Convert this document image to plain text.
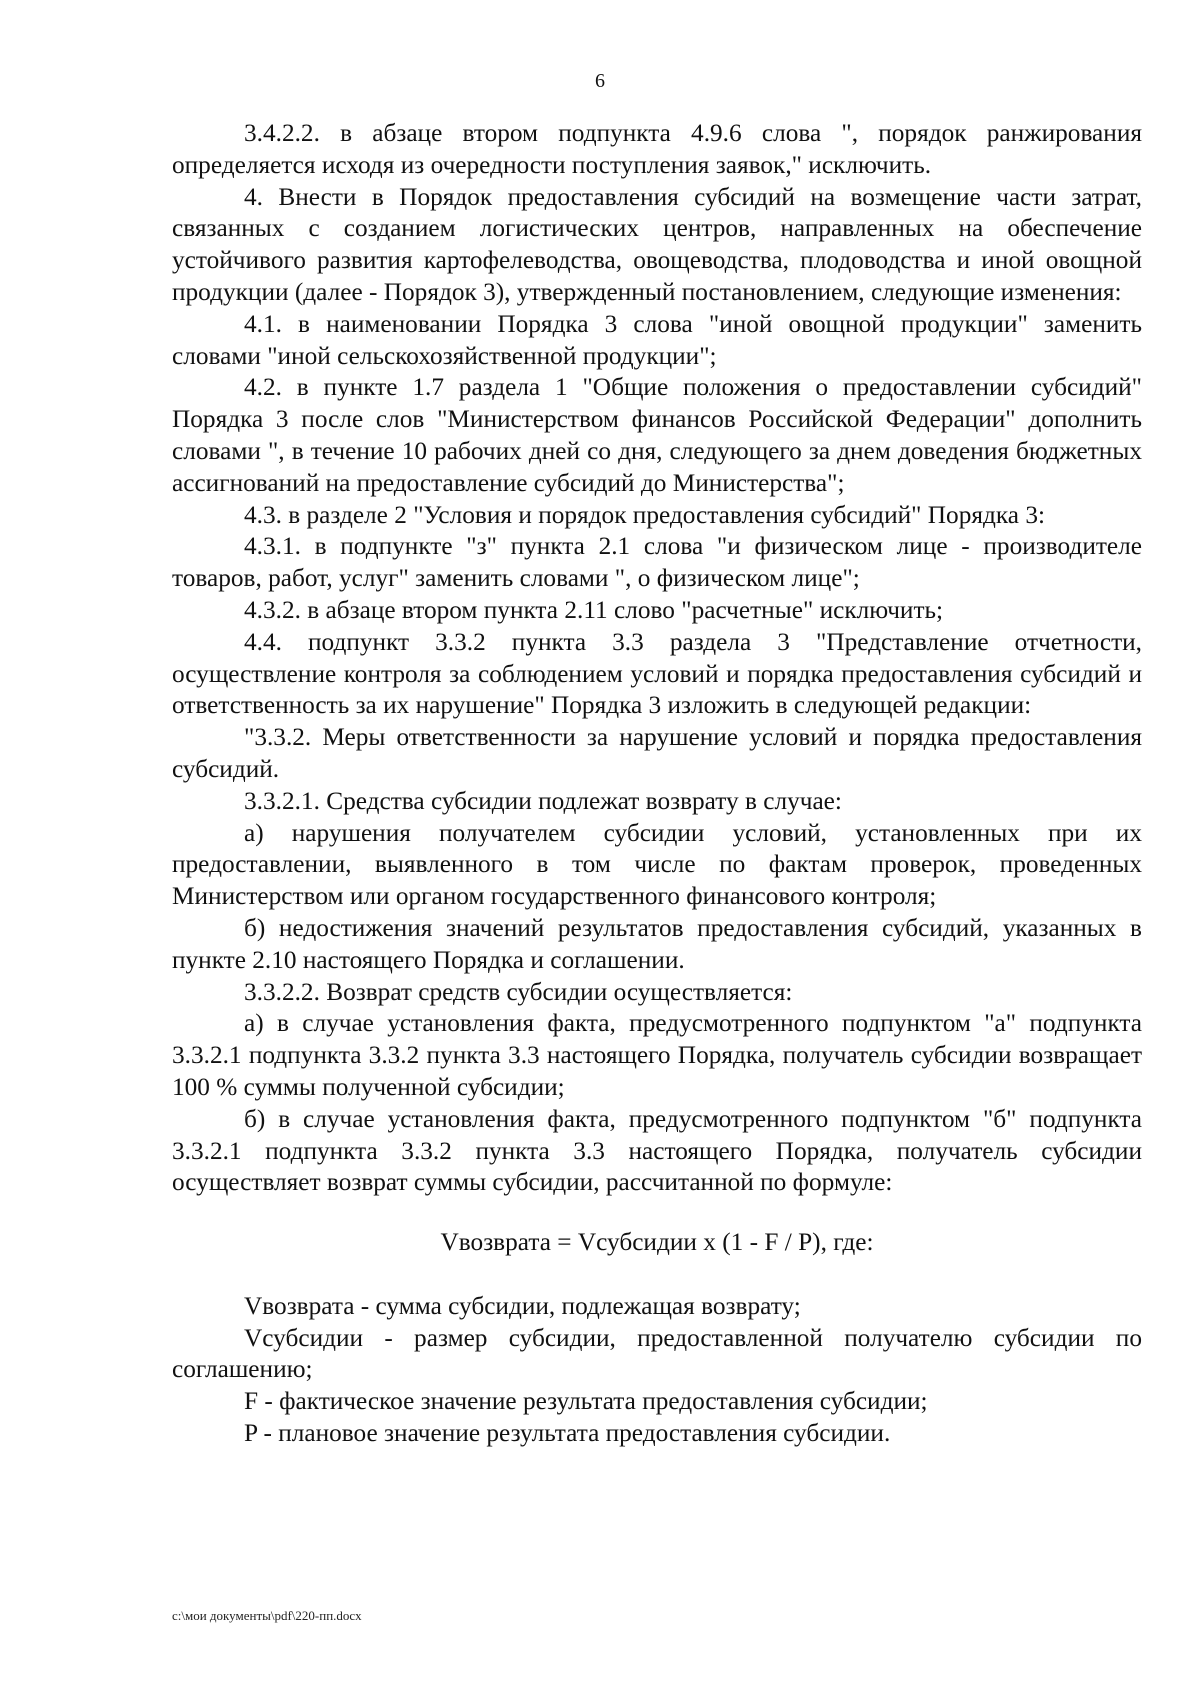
6

3.4.2.2. в абзаце втором подпункта 4.9.6 слова ", порядок ранжирования определяется исходя из очередности поступления заявок," исключить.

4. Внести в Порядок предоставления субсидий на возмещение части затрат, связанных с созданием логистических центров, направленных на обеспечение устойчивого развития картофелеводства, овощеводства, плодоводства и иной овощной продукции (далее - Порядок 3), утвержденный постановлением, следующие изменения:

4.1. в наименовании Порядка 3 слова "иной овощной продукции" заменить словами "иной сельскохозяйственной продукции";

4.2. в пункте 1.7 раздела 1 "Общие положения о предоставлении субсидий" Порядка 3 после слов "Министерством финансов Российской Федерации" дополнить словами ", в течение 10 рабочих дней со дня, следующего за днем доведения бюджетных ассигнований на предоставление субсидий до Министерства";

4.3. в разделе 2 "Условия и порядок предоставления субсидий" Порядка 3:

4.3.1. в подпункте "з" пункта 2.1 слова "и физическом лице - производителе товаров, работ, услуг" заменить словами ", о физическом лице";

4.3.2. в абзаце втором пункта 2.11 слово "расчетные" исключить;

4.4. подпункт 3.3.2 пункта 3.3 раздела 3 "Представление отчетности, осуществление контроля за соблюдением условий и порядка предоставления субсидий и ответственность за их нарушение" Порядка 3 изложить в следующей редакции:

"3.3.2. Меры ответственности за нарушение условий и порядка предоставления субсидий.

3.3.2.1. Средства субсидии подлежат возврату в случае:

а) нарушения получателем субсидии условий, установленных при их предоставлении, выявленного в том числе по фактам проверок, проведенных Министерством или органом государственного финансового контроля;

б) недостижения значений результатов предоставления субсидий, указанных в пункте 2.10 настоящего Порядка и соглашении.

3.3.2.2. Возврат средств субсидии осуществляется:

а) в случае установления факта, предусмотренного подпунктом "а" подпункта 3.3.2.1 подпункта 3.3.2 пункта 3.3 настоящего Порядка, получатель субсидии возвращает 100 % суммы полученной субсидии;

б) в случае установления факта, предусмотренного подпунктом "б" подпункта 3.3.2.1 подпункта 3.3.2 пункта 3.3 настоящего Порядка, получатель субсидии осуществляет возврат суммы субсидии, рассчитанной по формуле:

Vвозврата = Vсубсидии x (1 - F / P), где:

Vвозврата - сумма субсидии, подлежащая возврату;

Vсубсидии - размер субсидии, предоставленной получателю субсидии по соглашению;

F - фактическое значение результата предоставления субсидии;

P - плановое значение результата предоставления субсидии.

c:\мои документы\pdf\220-пп.docx
